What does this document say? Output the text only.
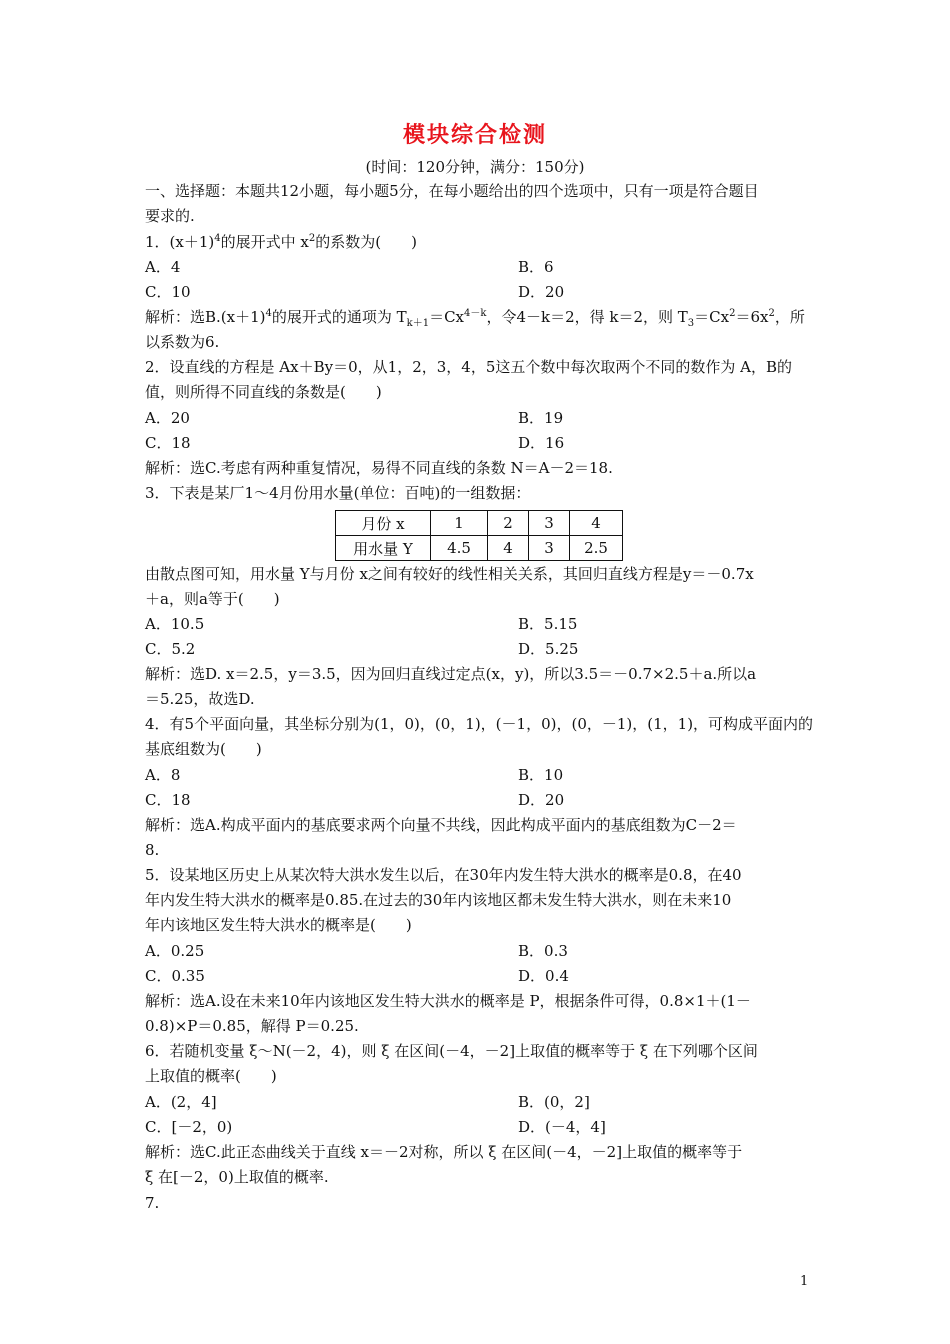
模块综合检测
(时间：120分钟，满分：150分)
一、选择题：本题共12小题，每小题5分，在每小题给出的四个选项中，只有一项是符合题目
要求的.
1．$(x+1)^4$的展开式中 $x^2$的系数为(　　)
A．4	B．6
C．10	D．20
解析：选$B.(x+1)^4$的展开式的通项为 $T_{k+1}=Cx^{4-k}$，令4－k＝2，得 k＝2，则 $T_3=Cx^2=6x^2$，所
以系数为6.
2．设直线的方程是 Ax＋By＝0，从1，2，3，4，5这五个数中每次取两个不同的数作为 A，B的
值，则所得不同直线的条数是(　　)
A．20	B．19
C．18	D．16
解析：选C.考虑有两种重复情况，易得不同直线的条数 N＝A－2＝18.
3．下表是某厂1～4月份用水量(单位：百吨)的一组数据：
月份 x	1	2	3	4
用水量 Y	4.5	4	3	2.5
由散点图可知，用水量 Y与月份 x之间有较好的线性相关关系，其回归直线方程是y＝－0.7x
＋a，则a等于(　　)
A．10.5	B．5.15
C．5.2	D．5.25
解析：选D. x＝2.5，y＝3.5，因为回归直线过定点(x，y)，所以3.5＝－0.7×2.5＋a.所以a
＝5.25，故选D.
4．有5个平面向量，其坐标分别为(1，0)，(0，1)，(－1，0)，(0，－1)，(1，1)，可构成平面内的
基底组数为(　　)
A．8	B．10
C．18	D．20
解析：选A.构成平面内的基底要求两个向量不共线，因此构成平面内的基底组数为C－2＝
8.
5．设某地区历史上从某次特大洪水发生以后，在30年内发生特大洪水的概率是0.8，在40
年内发生特大洪水的概率是0.85.在过去的30年内该地区都未发生特大洪水，则在未来10
年内该地区发生特大洪水的概率是(　　)
A．0.25	B．0.3
C．0.35	D．0.4
解析：选A.设在未来10年内该地区发生特大洪水的概率是 P，根据条件可得，0.8×1＋(1－
0.8)×P＝0.85，解得 P＝0.25.
6．若随机变量 ξ～N(－2，4)，则 ξ 在区间(－4，－2]上取值的概率等于 ξ 在下列哪个区间
上取值的概率(　　)
A．(2，4]	B．(0，2]
C．[－2，0)	D．(－4，4]
解析：选C.此正态曲线关于直线 x＝－2对称，所以 ξ 在区间(－4，－2]上取值的概率等于
ξ 在[－2，0)上取值的概率.
7.
1
